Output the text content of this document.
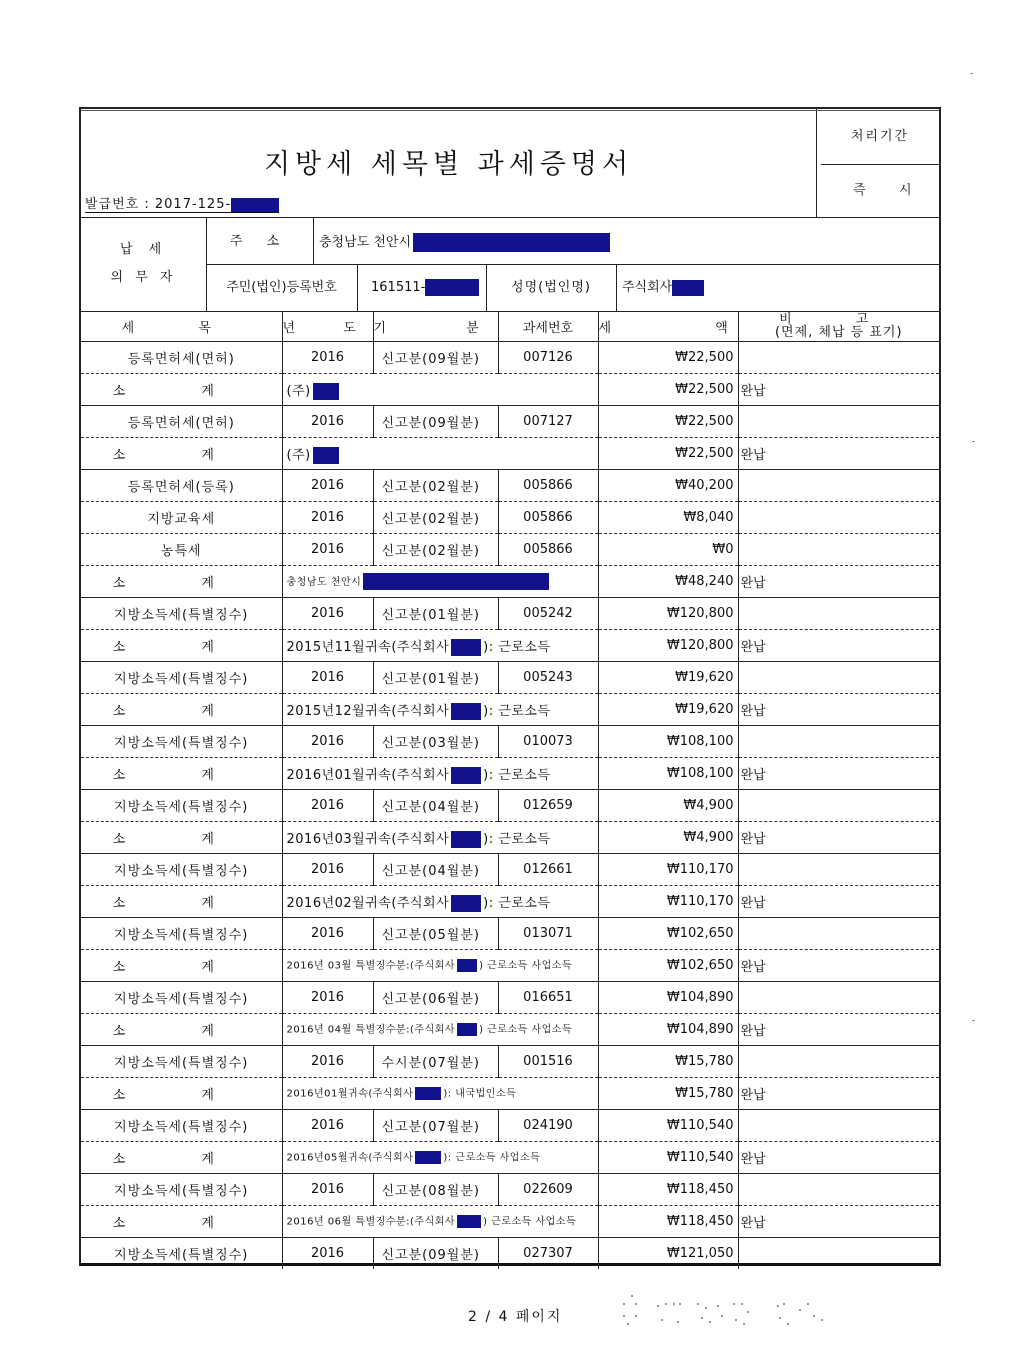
지방세 세목별 과세증명서
발급번호 : 2017-125-
처리기간
즉	시
납 세
의 무 자
주 소	충청남도 천안시
주민(법인)등록번호	161511-	성명(법인명)	주식회사
세 목	년 도	기 분	과세번호	세 액	비 고
(면제, 체납 등 표기)

등록면허세(면허)	2016	신고분(09월분)	007126	₩22,500	
소 계	(주)			₩22,500	완납
등록면허세(면허)	2016	신고분(09월분)	007127	₩22,500	
소 계	(주)			₩22,500	완납
등록면허세(등록)	2016	신고분(02월분)	005866	₩40,200	
지방교육세	2016	신고분(02월분)	005866	₩8,040	
농특세	2016	신고분(02월분)	005866	₩0	
소 계	충청남도 천안시			₩48,240	완납
지방소득세(특별징수)	2016	신고분(01월분)	005242	₩120,800	
소 계	2015년11월귀속(주식회사 ): 근로소득			₩120,800	완납
지방소득세(특별징수)	2016	신고분(01월분)	005243	₩19,620	
소 계	2015년12월귀속(주식회사 ): 근로소득			₩19,620	완납
지방소득세(특별징수)	2016	신고분(03월분)	010073	₩108,100	
소 계	2016년01월귀속(주식회사 ): 근로소득			₩108,100	완납
지방소득세(특별징수)	2016	신고분(04월분)	012659	₩4,900	
소 계	2016년03월귀속(주식회사 ): 근로소득			₩4,900	완납
지방소득세(특별징수)	2016	신고분(04월분)	012661	₩110,170	
소 계	2016년02월귀속(주식회사 ): 근로소득			₩110,170	완납
지방소득세(특별징수)	2016	신고분(05월분)	013071	₩102,650	
소 계	2016년 03월 특별징수분:(주식회사 ) 근로소득 사업소득			₩102,650	완납
지방소득세(특별징수)	2016	신고분(06월분)	016651	₩104,890	
소 계	2016년 04월 특별징수분:(주식회사 ) 근로소득 사업소득			₩104,890	완납
지방소득세(특별징수)	2016	수시분(07월분)	001516	₩15,780	
소 계	2016년01월귀속(주식회사 ): 내국법인소득			₩15,780	완납
지방소득세(특별징수)	2016	신고분(07월분)	024190	₩110,540	
소 계	2016년05월귀속(주식회사 ): 근로소득 사업소득			₩110,540	완납
지방소득세(특별징수)	2016	신고분(08월분)	022609	₩118,450	
소 계	2016년 06월 특별징수분:(주식회사 ) 근로소득 사업소득			₩118,450	완납
지방소득세(특별징수)	2016	신고분(09월분)	027307	₩121,050	
2 / 4 페이지
